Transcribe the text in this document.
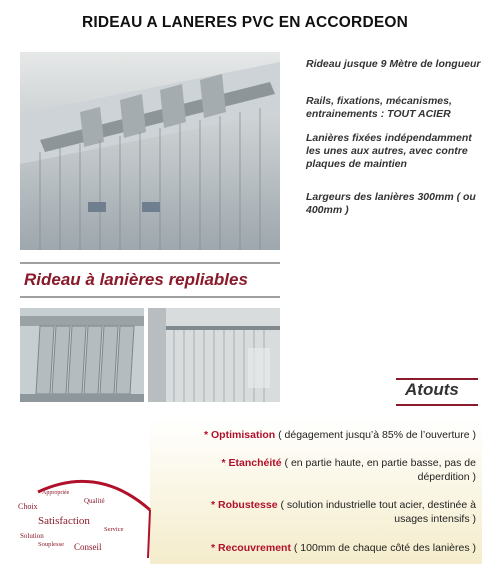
RIDEAU A LANERES PVC EN ACCORDEON
Rideau jusque 9 Mètre de longueur
Rails, fixations, mécanismes, entrainements : TOUT ACIER
Lanières fixées indépendamment les unes aux autres, avec contre plaques de maintien
Largeurs des lanières 300mm ( ou 400mm )
Rideau à lanières repliables
Atouts
* Optimisation ( dégagement jusqu’à 85% de l’ouverture )
* Etanchéité ( en partie haute, en partie basse, pas de
déperdition )
* Robustesse ( solution industrielle tout acier, destinée à
usages intensifs )
* Recouvrement ( 100mm de chaque côté des lanières )
Appropriée
Qualité
Choix
Satisfaction
Service
Solution
Souplesse Conseil
